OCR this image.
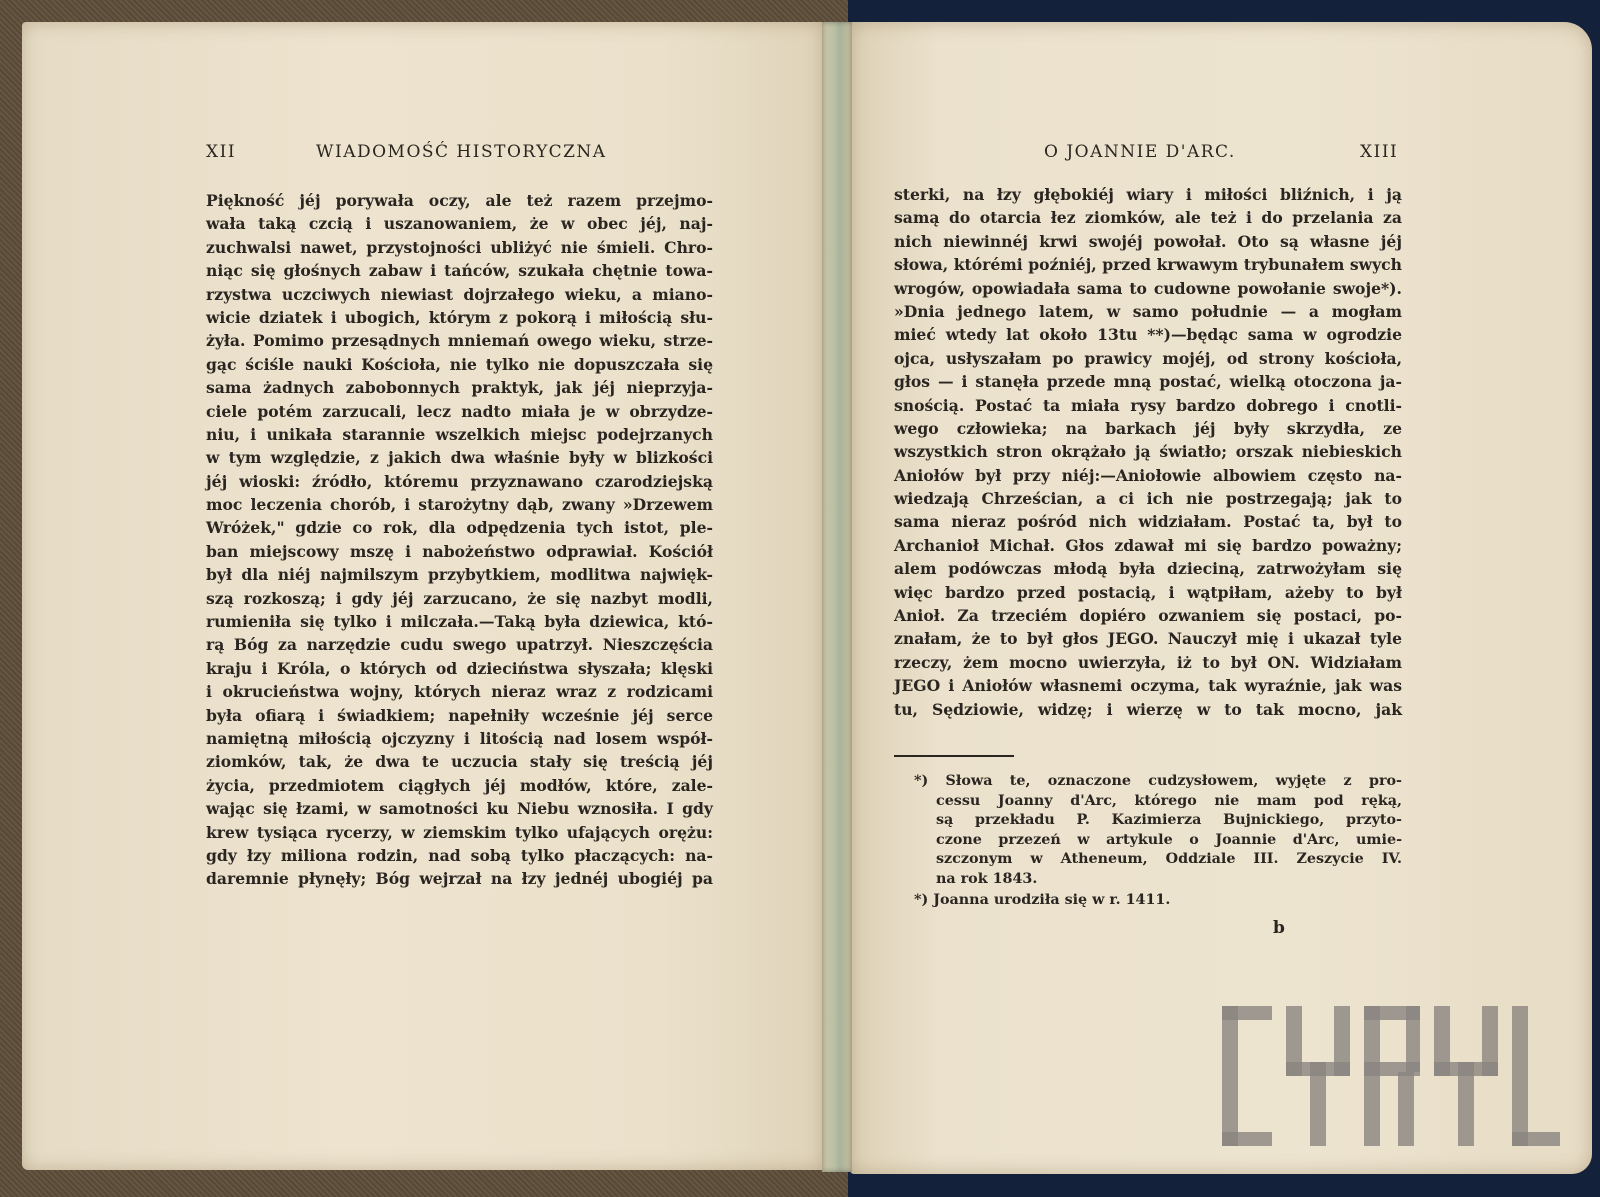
XII	WIADOMOŚĆ HISTORYCZNA
Piękność jéj porywała oczy, ale też razem przejmo-
wała taką czcią i uszanowaniem, że w obec jéj, naj-
zuchwalsi nawet, przystojności ubliżyć nie śmieli. Chro-
niąc się głośnych zabaw i tańców, szukała chętnie towa-
rzystwa uczciwych niewiast dojrzałego wieku, a miano-
wicie dziatek i ubogich, którym z pokorą i miłością słu-
żyła. Pomimo przesądnych mniemań owego wieku, strze-
gąc ściśle nauki Kościoła, nie tylko nie dopuszczała się
sama żadnych zabobonnych praktyk, jak jéj nieprzyja-
ciele potém zarzucali, lecz nadto miała je w obrzydze-
niu, i unikała starannie wszelkich miejsc podejrzanych
w tym względzie, z jakich dwa właśnie były w blizkości
jéj wioski: źródło, któremu przyznawano czarodziejską
moc leczenia chorób, i starożytny dąb, zwany »Drzewem
Wróżek," gdzie co rok, dla odpędzenia tych istot, ple-
ban miejscowy mszę i nabożeństwo odprawiał. Kościół
był dla niéj najmilszym przybytkiem, modlitwa najwięk-
szą rozkoszą; i gdy jéj zarzucano, że się nazbyt modli,
rumieniła się tylko i milczała.—Taką była dziewica, któ-
rą Bóg za narzędzie cudu swego upatrzył. Nieszczęścia
kraju i Króla, o których od dzieciństwa słyszała; klęski
i okrucieństwa wojny, których nieraz wraz z rodzicami
była ofiarą i świadkiem; napełniły wcześnie jéj serce
namiętną miłością ojczyzny i litością nad losem współ-
ziomków, tak, że dwa te uczucia stały się treścią jéj
życia, przedmiotem ciągłych jéj modłów, które, zale-
wając się łzami, w samotności ku Niebu wznosiła. I gdy
krew tysiąca rycerzy, w ziemskim tylko ufających orężu:
gdy łzy miliona rodzin, nad sobą tylko płaczących: na-
daremnie płynęły; Bóg wejrzał na łzy jednéj ubogiéj pa
O JOANNIE D'ARC.	XIII
sterki, na łzy głębokiéj wiary i miłości bliźnich, i ją
samą do otarcia łez ziomków, ale też i do przelania za
nich niewinnéj krwi swojéj powołał. Oto są własne jéj
słowa, którémi poźniéj, przed krwawym trybunałem swych
wrogów, opowiadała sama to cudowne powołanie swoje*).
»Dnia jednego latem, w samo południe — a mogłam
mieć wtedy lat około 13tu **)—będąc sama w ogrodzie
ojca, usłyszałam po prawicy mojéj, od strony kościoła,
głos — i stanęła przede mną postać, wielką otoczona ja-
snością. Postać ta miała rysy bardzo dobrego i cnotli-
wego człowieka; na barkach jéj były skrzydła, ze
wszystkich stron okrążało ją światło; orszak niebieskich
Aniołów był przy niéj:—Aniołowie albowiem często na-
wiedzają Chrześcian, a ci ich nie postrzegają; jak to
sama nieraz pośród nich widziałam. Postać ta, był to
Archanioł Michał. Głos zdawał mi się bardzo poważny;
alem podówczas młodą była dzieciną, zatrwożyłam się
więc bardzo przed postacią, i wątpiłam, ażeby to był
Anioł. Za trzeciém dopiéro ozwaniem się postaci, po-
znałam, że to był głos JEGO. Nauczył mię i ukazał tyle
rzeczy, żem mocno uwierzyła, iż to był ON. Widziałam
JEGO i Aniołów własnemi oczyma, tak wyraźnie, jak was
tu, Sędziowie, widzę; i wierzę w to tak mocno, jak
*) Słowa te, oznaczone cudzysłowem, wyjęte z pro-
cessu Joanny d'Arc, którego nie mam pod ręką,
są przekładu P. Kazimierza Bujnickiego, przyto-
czone przezeń w artykule o Joannie d'Arc, umie-
szczonym w Atheneum, Oddziale III. Zeszycie IV.
na rok 1843.
*) Joanna urodziła się w r. 1411.
b
